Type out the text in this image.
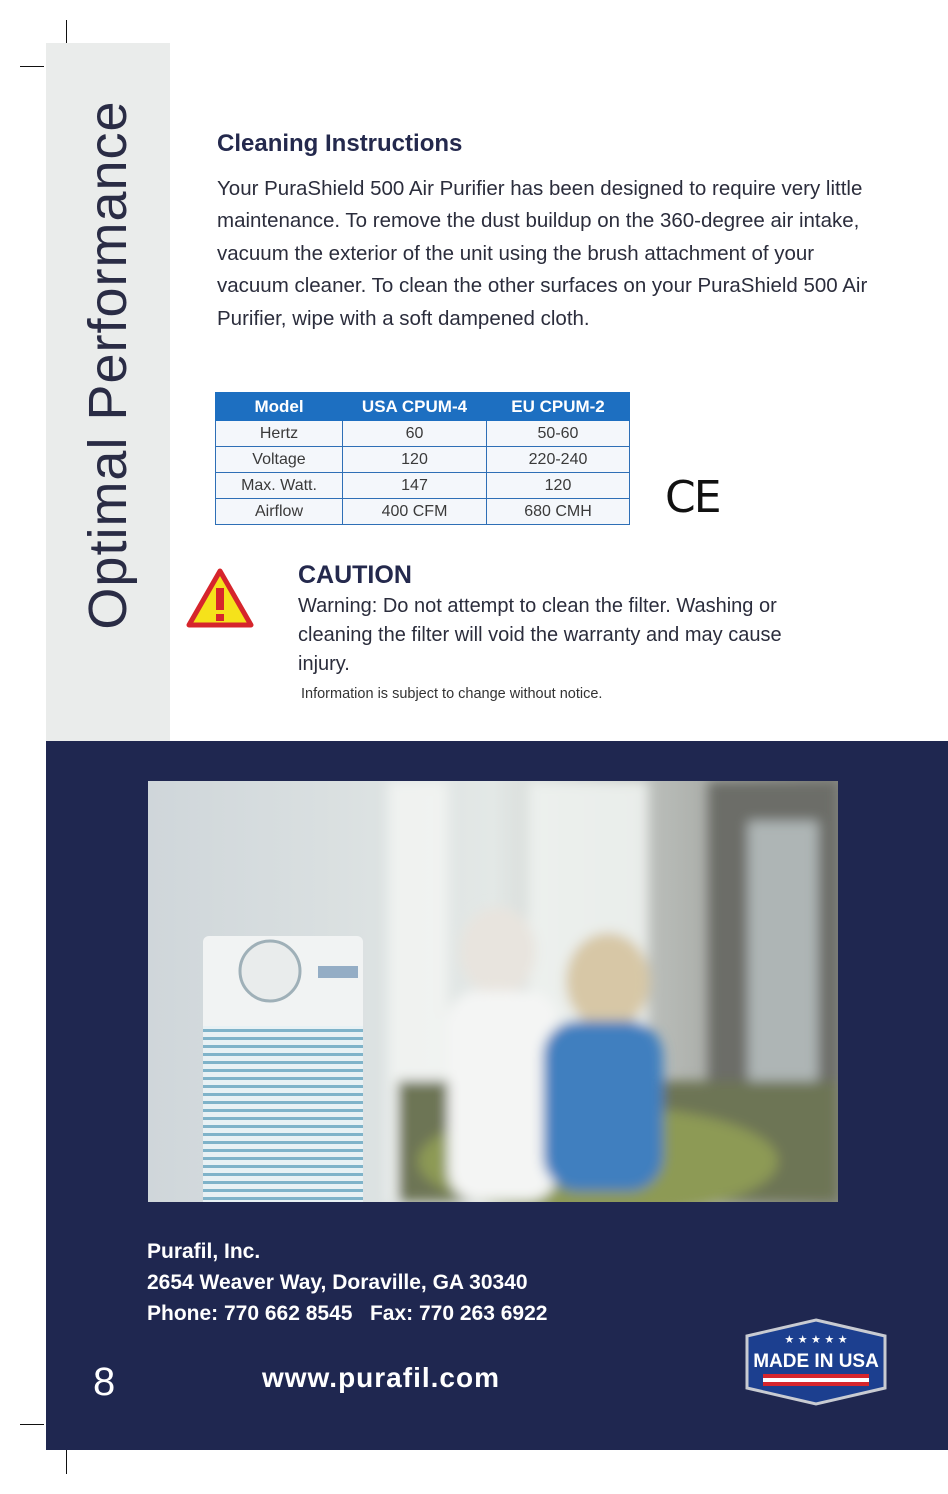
Optimal Performance	Cleaning Instructions
Your PuraShield 500 Air Purifier has been designed to require very little maintenance. To remove the dust buildup on the 360-degree air intake, vacuum the exterior of the unit using the brush attachment of your vacuum cleaner. To clean the other surfaces on your PuraShield 500 Air Purifier, wipe with a soft dampened cloth.
Model	USA CPUM-4	EU CPUM-2
Hertz	60	50-60
Voltage	120	220-240
Max. Watt.	147	120
Airflow	400 CFM	680 CMH CE
CAUTION
Warning: Do not attempt to clean the filter. Washing or cleaning the filter will void the warranty and may cause injury.
Information is subject to change without notice.
Purafil, Inc.
2654 Weaver Way, Doraville, GA 30340
Phone: 770 662 8545 Fax: 770 263 6922
8	www.purafil.com
★ ★ ★ ★ ★
MADE IN USA
